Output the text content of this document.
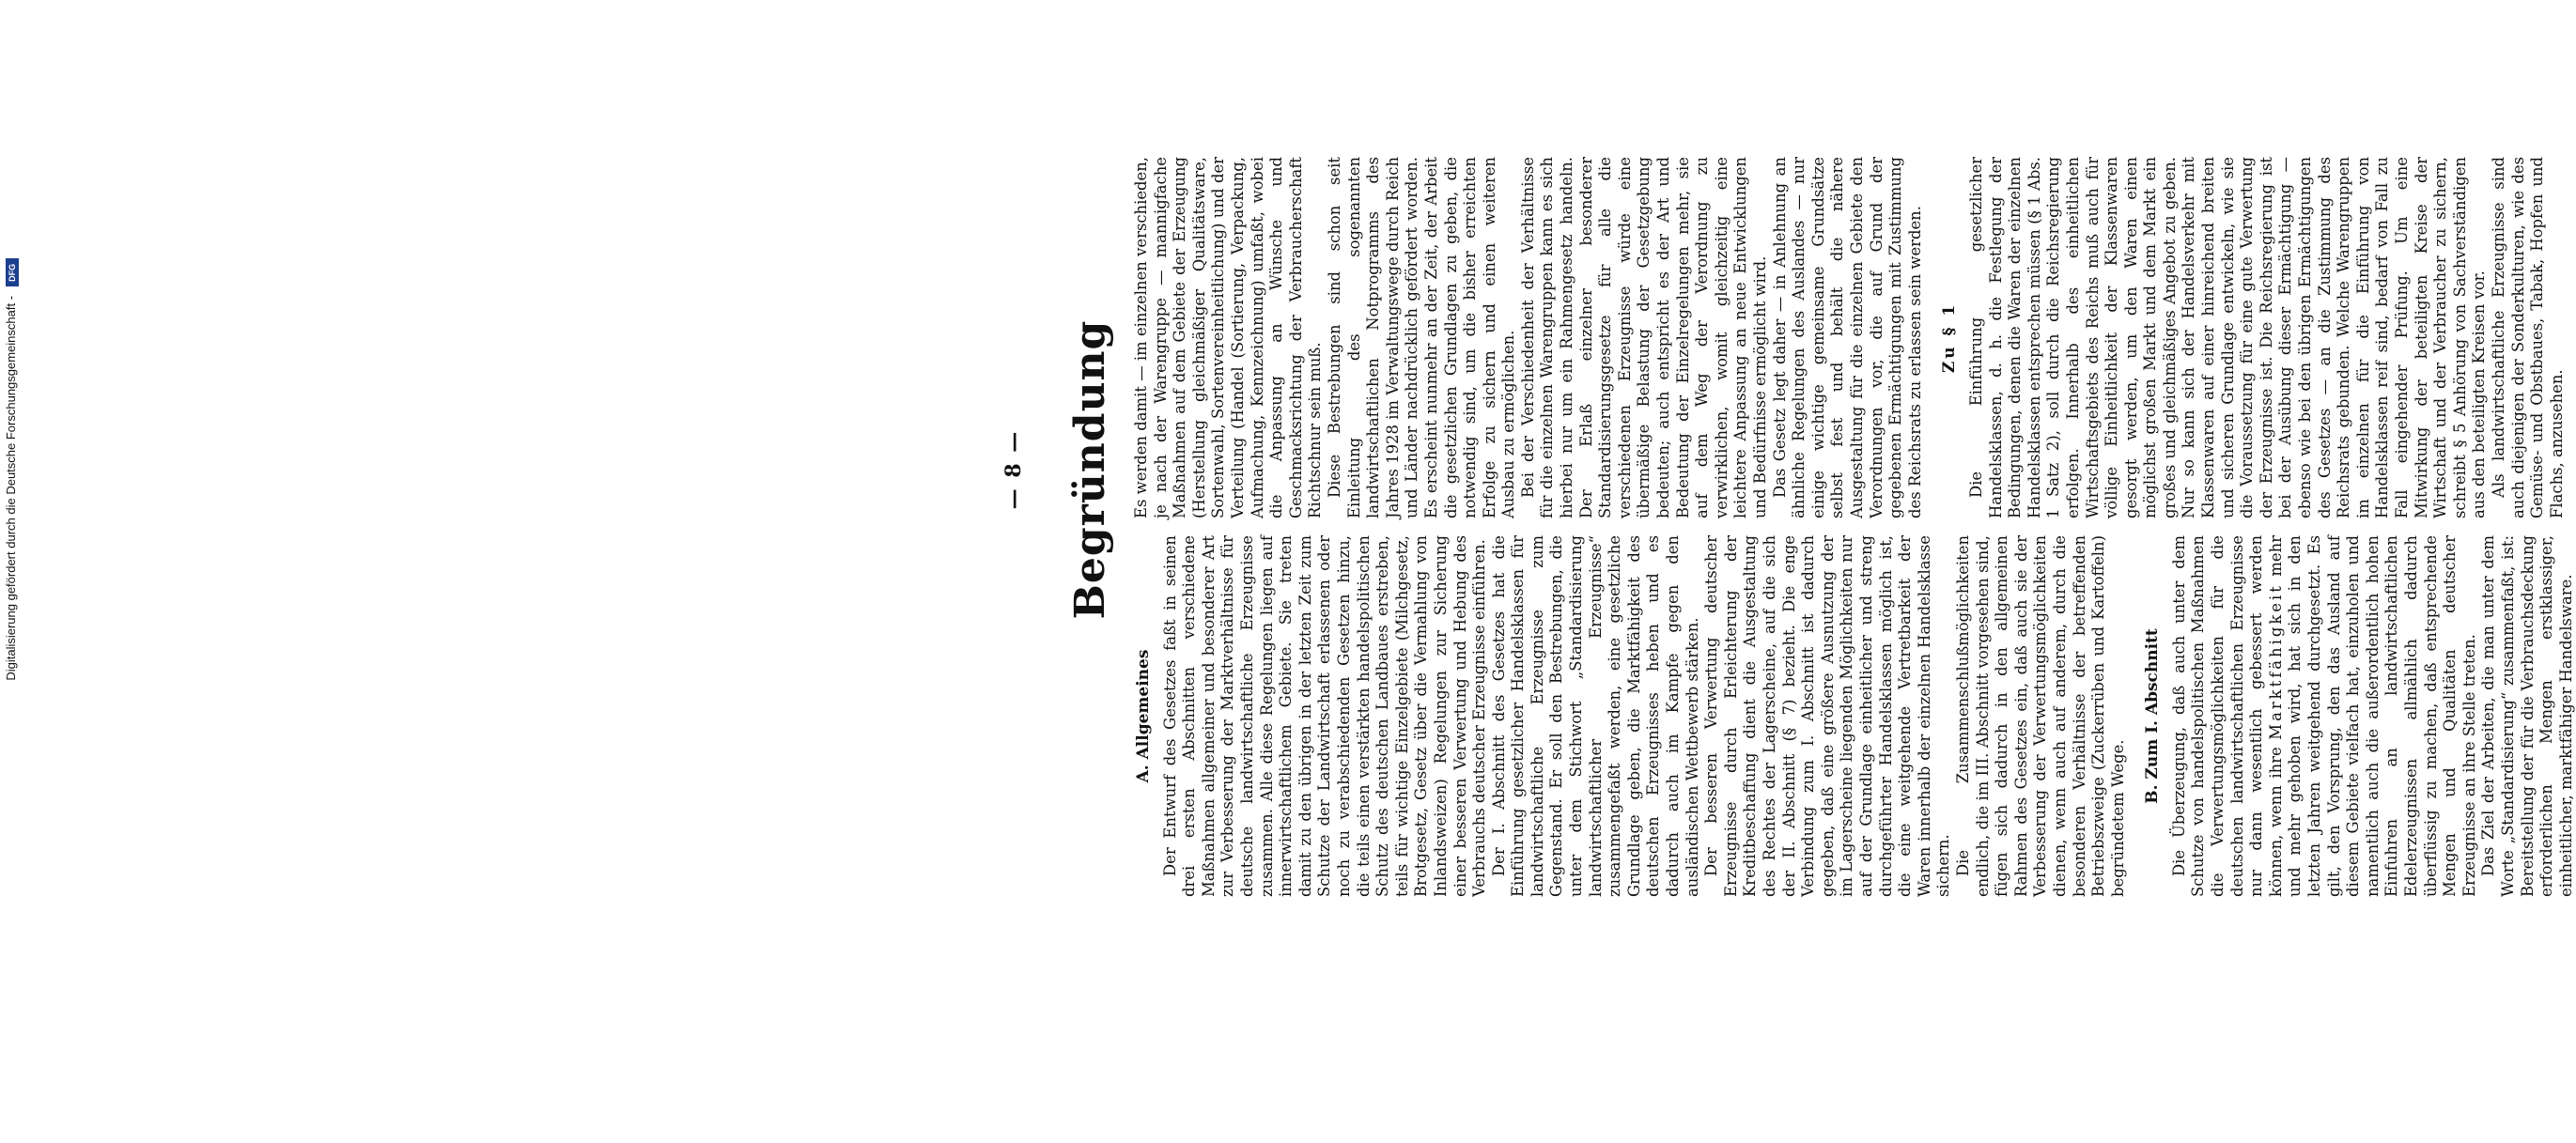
— 8 — Begründung
A. Allgemeines Der Entwurf des Gesetzes faßt in seinen drei ersten Abschnitten verschiedene Maßnahmen allgemeiner und besonderer Art zur Verbesserung der Marktverhältnisse für deutsche landwirtschaftliche Erzeugnisse zusammen. Alle diese Regelungen liegen auf innerwirtschaftlichem Gebiete. Sie treten damit zu den übrigen in der letzten Zeit zum Schutze der Landwirtschaft erlassenen oder noch zu verabschiedenden Gesetzen hinzu, die teils einen verstärkten handelspolitischen Schutz des deutschen Landbaues erstreben, teils für wichtige Einzelgebiete (Milchgesetz, Brotgesetz, Gesetz über die Vermahlung von Inlandsweizen) Regelungen zur Sicherung einer besseren Verwertung und Hebung des Verbrauchs deutscher Erzeugnisse einführen. Der I. Abschnitt des Gesetzes hat die Einführung gesetzlicher Handelsklassen für landwirtschaftliche Erzeugnisse zum Gegenstand. Er soll den Bestrebungen, die unter dem Stichwort „Standardisierung landwirtschaftlicher Erzeugnisse“ zusammengefaßt werden, eine gesetzliche Grundlage geben, die Marktfähigkeit des deutschen Erzeugnisses heben und es dadurch auch im Kampfe gegen den ausländischen Wettbewerb stärken. Der besseren Verwertung deutscher Erzeugnisse durch Erleichterung der Kreditbeschaffung dient die Ausgestaltung des Rechtes der Lagerscheine, auf die sich der II. Abschnitt (§ 7) bezieht. Die enge Verbindung zum I. Abschnitt ist dadurch gegeben, daß eine größere Ausnutzung der im Lagerscheine liegenden Möglichkeiten nur auf der Grundlage einheitlicher und streng durchgeführter Handelsklassen möglich ist, die eine weitgehende Vertretbarkeit der Waren innerhalb der einzelnen Handelsklasse sichern. Die Zusammenschlußmöglichkeiten endlich, die im III. Abschnitt vorgesehen sind, fügen sich dadurch in den allgemeinen Rahmen des Gesetzes ein, daß auch sie der Verbesserung der Verwertungsmöglichkeiten dienen, wenn auch auf anderem, durch die besonderen Verhältnisse der betreffenden Betriebszweige (Zuckerrüben und Kartoffeln) begründetem Wege.

B. Zum I. Abschnitt Die Überzeugung, daß auch unter dem Schutze von handelspolitischen Maßnahmen die Verwertungsmöglichkeiten für die deutschen landwirtschaftlichen Erzeugnisse nur dann wesentlich gebessert werden können, wenn ihre Marktfähigkeit mehr und mehr gehoben wird, hat sich in den letzten Jahren weitgehend durchgesetzt. Es gilt, den Vorsprung, den das Ausland auf diesem Gebiete vielfach hat, einzuholen und namentlich auch die außerordentlich hohen Einfuhren an landwirtschaftlichen Edelerzeugnissen allmählich dadurch überflüssig zu machen, daß entsprechende Mengen und Qualitäten deutscher Erzeugnisse an ihre Stelle treten. Das Ziel der Arbeiten, die man unter dem Worte „Standardisierung“ zusammenfaßt, ist: Bereitstellung der für die Verbrauchsdeckung erforderlichen Mengen erstklassiger, einheitlicher, marktfähiger Handelsware.

Es werden damit — im einzelnen verschieden, je nach der Warengruppe — mannigfache Maßnahmen auf dem Gebiete der Erzeugung (Herstellung gleichmäßiger Qualitätsware, Sortenwahl, Sortenvereinheitlichung) und der Verteilung (Handel (Sortierung, Verpackung, Aufmachung, Kennzeichnung) umfaßt, wobei die Anpassung an Wünsche und Geschmacksrichtung der Verbraucherschaft Richtschnur sein muß. Diese Bestrebungen sind schon seit Einleitung des sogenannten landwirtschaftlichen Notprogramms des Jahres 1928 im Verwaltungswege durch Reich und Länder nachdrücklich gefördert worden. Es erscheint nunmehr an der Zeit, der Arbeit die gesetzlichen Grundlagen zu geben, die notwendig sind, um die bisher erreichten Erfolge zu sichern und einen weiteren Ausbau zu ermöglichen. Bei der Verschiedenheit der Verhältnisse für die einzelnen Warengruppen kann es sich hierbei nur um ein Rahmengesetz handeln. Der Erlaß einzelner besonderer Standardisierungsgesetze für alle die verschiedenen Erzeugnisse würde eine übermäßige Belastung der Gesetzgebung bedeuten; auch entspricht es der Art und Bedeutung der Einzelregelungen mehr, sie auf dem Weg der Verordnung zu verwirklichen, womit gleichzeitig eine leichtere Anpassung an neue Entwicklungen und Bedürfnisse ermöglicht wird. Das Gesetz legt daher — in Anlehnung an ähnliche Regelungen des Auslandes — nur einige wichtige gemeinsame Grundsätze selbst fest und behält die nähere Ausgestaltung für die einzelnen Gebiete den Verordnungen vor, die auf Grund der gegebenen Ermächtigungen mit Zustimmung des Reichsrats zu erlassen sein werden. Zu § 1 Die Einführung gesetzlicher Handelsklassen, d. h. die Festlegung der Bedingungen, denen die Waren der einzelnen Handelsklassen entsprechen müssen (§ 1 Abs. 1 Satz 2), soll durch die Reichsregierung erfolgen. Innerhalb des einheitlichen Wirtschaftsgebiets des Reichs muß auch für völlige Einheitlichkeit der Klassenwaren gesorgt werden, um den Waren einen möglichst großen Markt und dem Markt ein großes und gleichmäßiges Angebot zu geben. Nur so kann sich der Handelsverkehr mit Klassenwaren auf einer hinreichend breiten und sicheren Grundlage entwickeln, wie sie die Voraussetzung für eine gute Verwertung der Erzeugnisse ist. Die Reichsregierung ist bei der Ausübung dieser Ermächtigung — ebenso wie bei den übrigen Ermächtigungen des Gesetzes — an die Zustimmung des Reichsrats gebunden. Welche Warengruppen im einzelnen für die Einführung von Handelsklassen reif sind, bedarf von Fall zu Fall eingehender Prüfung. Um eine Mitwirkung der beteiligten Kreise der Wirtschaft und der Verbraucher zu sichern, schreibt § 5 Anhörung von Sachverständigen aus den beteiligten Kreisen vor. Als landwirtschaftliche Erzeugnisse sind auch diejenigen der Sonderkulturen, wie des Gemüse- und Obstbaues, Tabak, Hopfen und Flachs, anzusehen.

Digitalisierung gefördert durch die Deutsche Forschungsgemeinschaft - DFG
